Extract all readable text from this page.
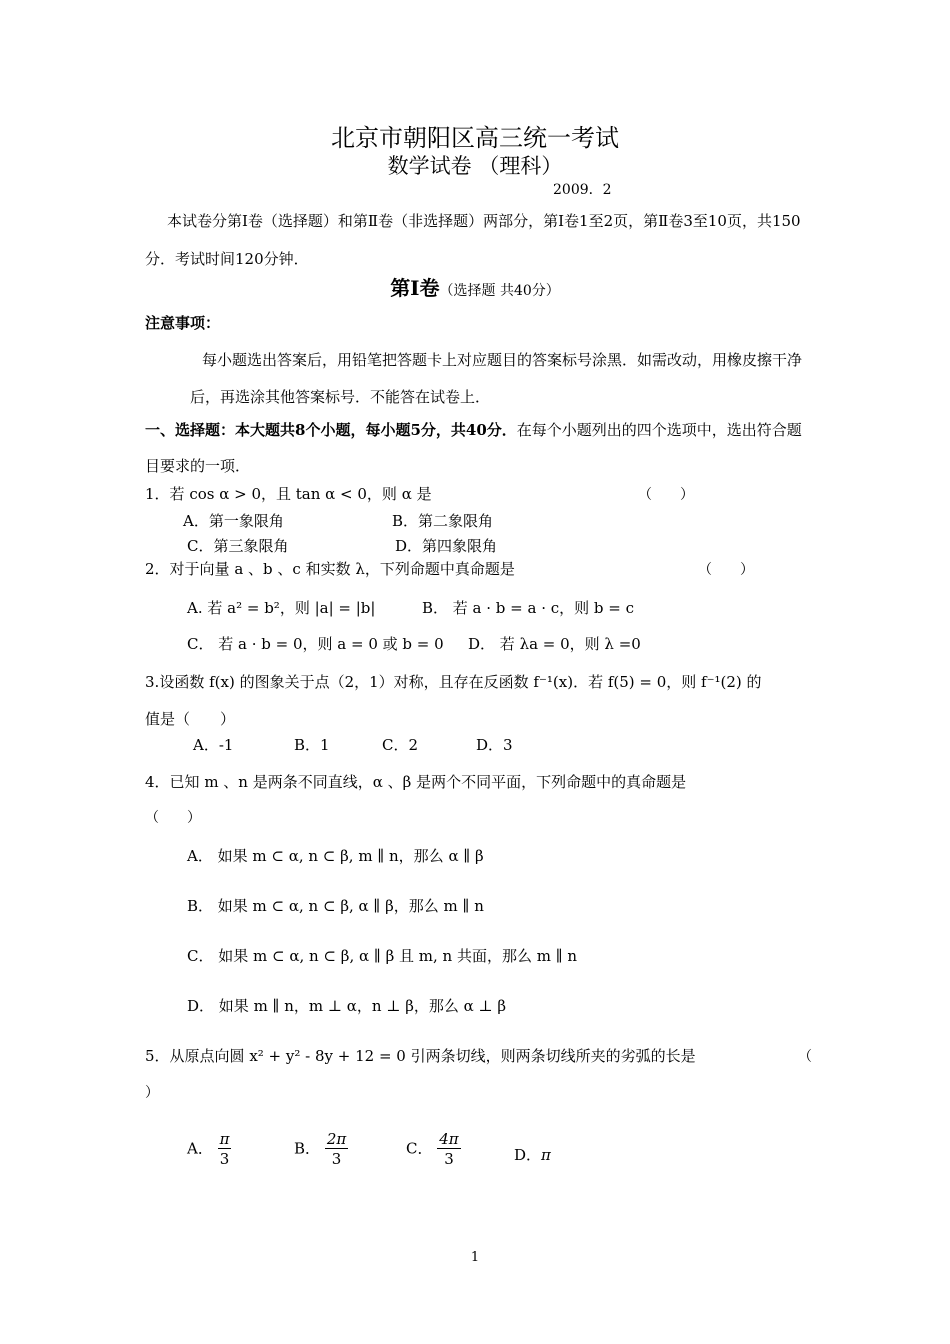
北京市朝阳区高三统一考试
数学试卷 （理科）
2009．2
本试卷分第Ⅰ卷（选择题）和第Ⅱ卷（非选择题）两部分，第Ⅰ卷1至2页，第Ⅱ卷3至10页，共150分．考试时间120分钟．
第Ⅰ卷（选择题 共40分）
注意事项：
每小题选出答案后，用铅笔把答题卡上对应题目的答案标号涂黑．如需改动，用橡皮擦干净后，再选涂其他答案标号．不能答在试卷上．
一、选择题：本大题共8个小题，每小题5分，共40分．在每个小题列出的四个选项中，选出符合题目要求的一项．
1．若 cos α > 0，且 tan α < 0，则 α 是	（　　）
A．第一象限角	B．第二象限角
C．第三象限角	D．第四象限角
2．对于向量 a 、b 、c 和实数 λ，下列命题中真命题是	（　　）
A. 若 a² = b²，则 |a| = |b|	B． 若 a · b = a · c，则 b = c
C． 若 a · b = 0，则 a = 0 或 b = 0 D． 若 λa = 0，则 λ =0
3.设函数 f(x) 的图象关于点（2，1）对称，且存在反函数 f⁻¹(x)．若 f(5) = 0，则 f⁻¹(2) 的
值是（　　）
A．-1	B．1	C．2	D．3
4．已知 m 、n 是两条不同直线，α 、β 是两个不同平面，下列命题中的真命题是
（　　）
A． 如果 m ⊂ α, n ⊂ β, m ∥ n，那么 α ∥ β
B． 如果 m ⊂ α, n ⊂ β, α ∥ β，那么 m ∥ n
C． 如果 m ⊂ α, n ⊂ β, α ∥ β 且 m, n 共面，那么 m ∥ n
D． 如果 m ∥ n，m ⊥ α，n ⊥ β，那么 α ⊥ β
5．从原点向圆 x² + y² - 8y + 12 = 0 引两条切线，则两条切线所夹的劣弧的长是	（
）
A． $\frac{\pi}{3}$	B． $\frac{2\pi}{3}$	C． $\frac{4\pi}{3}$	D．π
1
